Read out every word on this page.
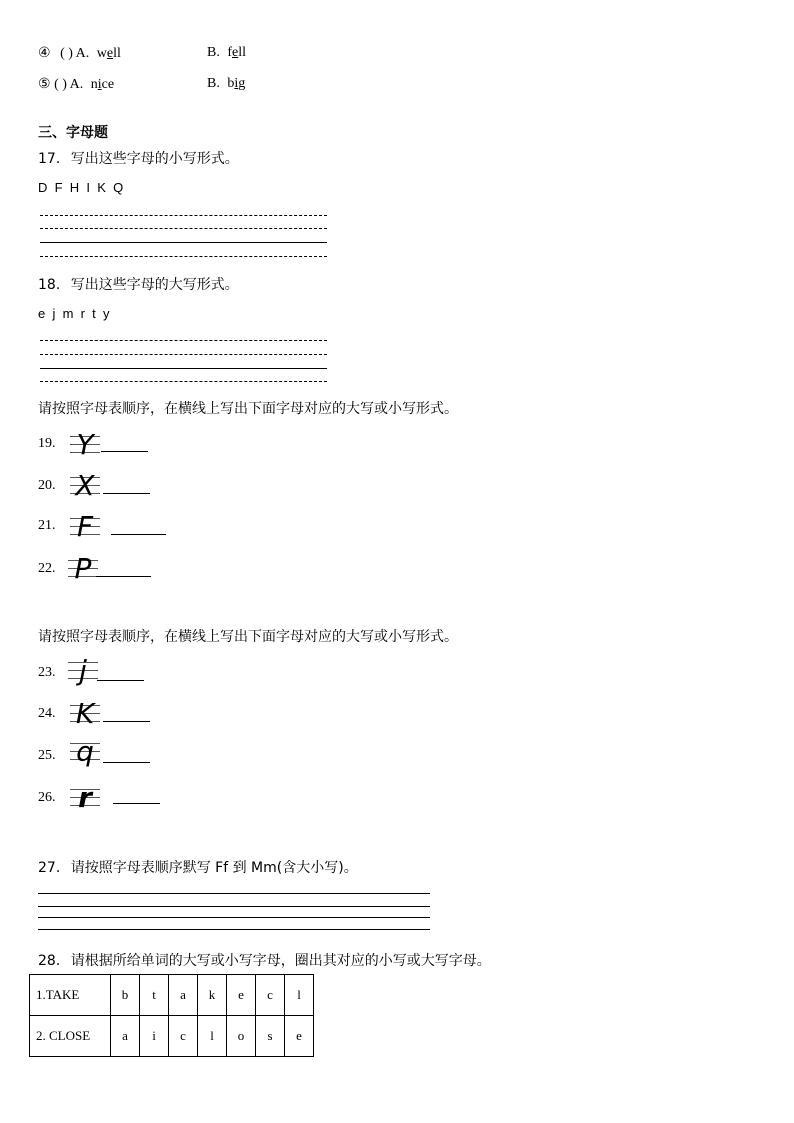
④ ( ) A. well	B. fell
⑤ ( ) A. nice	B. big
三、字母题
17. 写出这些字母的小写形式。
D  F  H  I  K  Q
18. 写出这些字母的大写形式。
e  j  m  r  t  y
请按照字母表顺序，在横线上写出下面字母对应的大写或小写形式。
19. Y
20. X
21. F
22. P
请按照字母表顺序，在横线上写出下面字母对应的大写或小写形式。
23. j
24. K
25. q
26. r
27. 请按照字母表顺序默写 Ff 到 Mm(含大小写)。
28. 请根据所给单词的大写或小写字母，圈出其对应的小写或大写字母。
1.TAKE	b	t	a	k	e	c	l
2. CLOSE	a	i	c	l	o	s	e
